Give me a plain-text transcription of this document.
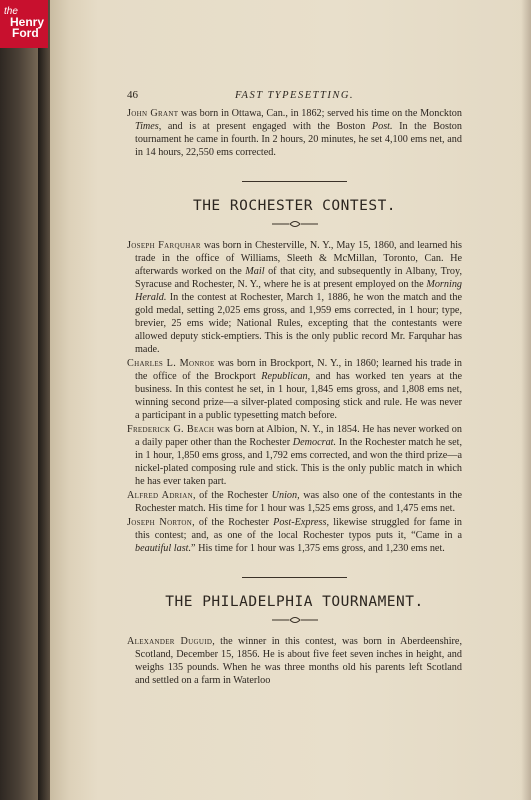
the
Henry
Ford
46	FAST TYPESETTING.

John Grant was born in Ottawa, Can., in 1862; served his time on the Monckton Times, and is at present engaged with the Boston Post. In the Boston tournament he came in fourth. In 2 hours, 20 minutes, he set 4,100 ems net, and in 14 hours, 22,550 ems corrected.

THE ROCHESTER CONTEST.

Joseph Farquhar was born in Chesterville, N. Y., May 15, 1860, and learned his trade in the office of Williams, Sleeth & McMillan, Toronto, Can. He afterwards worked on the Mail of that city, and subsequently in Albany, Troy, Syracuse and Rochester, N. Y., where he is at present employed on the Morning Herald. In the contest at Rochester, March 1, 1886, he won the match and the gold medal, setting 2,025 ems gross, and 1,959 ems corrected, in 1 hour; type, brevier, 25 ems wide; National Rules, excepting that the contestants were allowed deputy stick-emptiers. This is the only public record Mr. Farquhar has made.

Charles L. Monroe was born in Brockport, N. Y., in 1860; learned his trade in the office of the Brockport Republican, and has worked ten years at the business. In this contest he set, in 1 hour, 1,845 ems gross, and 1,808 ems net, winning second prize—a silver-plated composing stick and rule. He was never a participant in a public typesetting match before.

Frederick G. Beach was born at Albion, N. Y., in 1854. He has never worked on a daily paper other than the Rochester Democrat. In the Rochester match he set, in 1 hour, 1,850 ems gross, and 1,792 ems corrected, and won the third prize—a nickel-plated composing rule and stick. This is the only public match in which he has ever taken part.

Alfred Adrian, of the Rochester Union, was also one of the contestants in the Rochester match. His time for 1 hour was 1,525 ems gross, and 1,475 ems net.

Joseph Norton, of the Rochester Post-Express, likewise struggled for fame in this contest; and, as one of the local Rochester typos puts it, “Came in a beautiful last.” His time for 1 hour was 1,375 ems gross, and 1,230 ems net.

THE PHILADELPHIA TOURNAMENT.

Alexander Duguid, the winner in this contest, was born in Aberdeenshire, Scotland, December 15, 1856. He is about five feet seven inches in height, and weighs 135 pounds. When he was three months old his parents left Scotland and settled on a farm in Waterloo
